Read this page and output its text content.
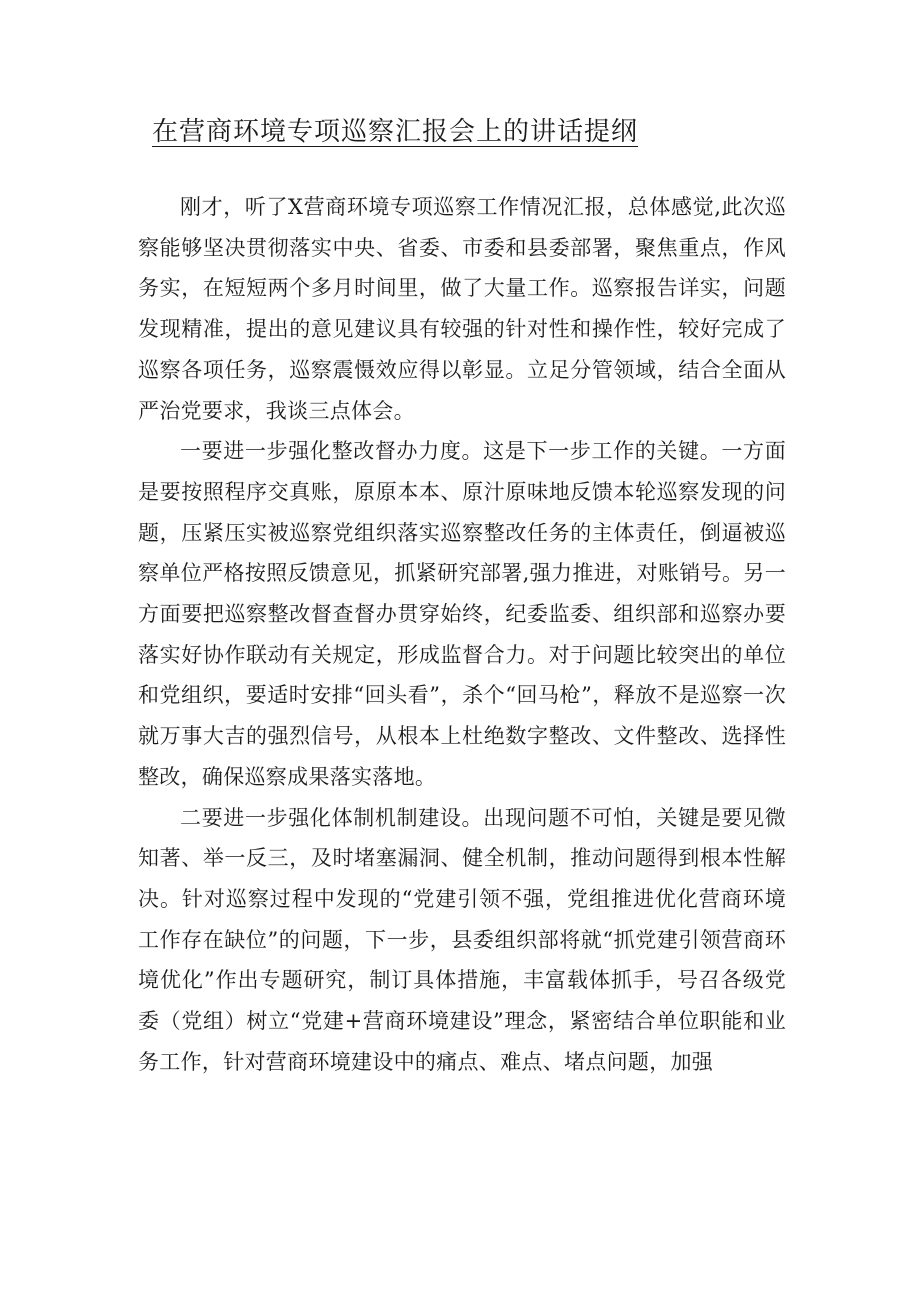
在营商环境专项巡察汇报会上的讲话提纲

刚才，听了X营商环境专项巡察工作情况汇报，总体感觉,此次巡察能够坚决贯彻落实中央、省委、市委和县委部署，聚焦重点，作风务实，在短短两个多月时间里，做了大量工作。巡察报告详实，问题发现精准，提出的意见建议具有较强的针对性和操作性，较好完成了巡察各项任务，巡察震慑效应得以彰显。立足分管领域，结合全面从严治党要求，我谈三点体会。

一要进一步强化整改督办力度。这是下一步工作的关键。一方面是要按照程序交真账，原原本本、原汁原味地反馈本轮巡察发现的问题，压紧压实被巡察党组织落实巡察整改任务的主体责任，倒逼被巡察单位严格按照反馈意见，抓紧研究部署,强力推进，对账销号。另一方面要把巡察整改督查督办贯穿始终，纪委监委、组织部和巡察办要落实好协作联动有关规定，形成监督合力。对于问题比较突出的单位和党组织，要适时安排“回头看”，杀个“回马枪”，释放不是巡察一次就万事大吉的强烈信号，从根本上杜绝数字整改、文件整改、选择性整改，确保巡察成果落实落地。

二要进一步强化体制机制建设。出现问题不可怕，关键是要见微知著、举一反三，及时堵塞漏洞、健全机制，推动问题得到根本性解决。针对巡察过程中发现的“党建引领不强，党组推进优化营商环境工作存在缺位”的问题，下一步，县委组织部将就“抓党建引领营商环境优化”作出专题研究，制订具体措施，丰富载体抓手，号召各级党委（党组）树立“党建+营商环境建设”理念，紧密结合单位职能和业务工作，针对营商环境建设中的痛点、难点、堵点问题，加强
